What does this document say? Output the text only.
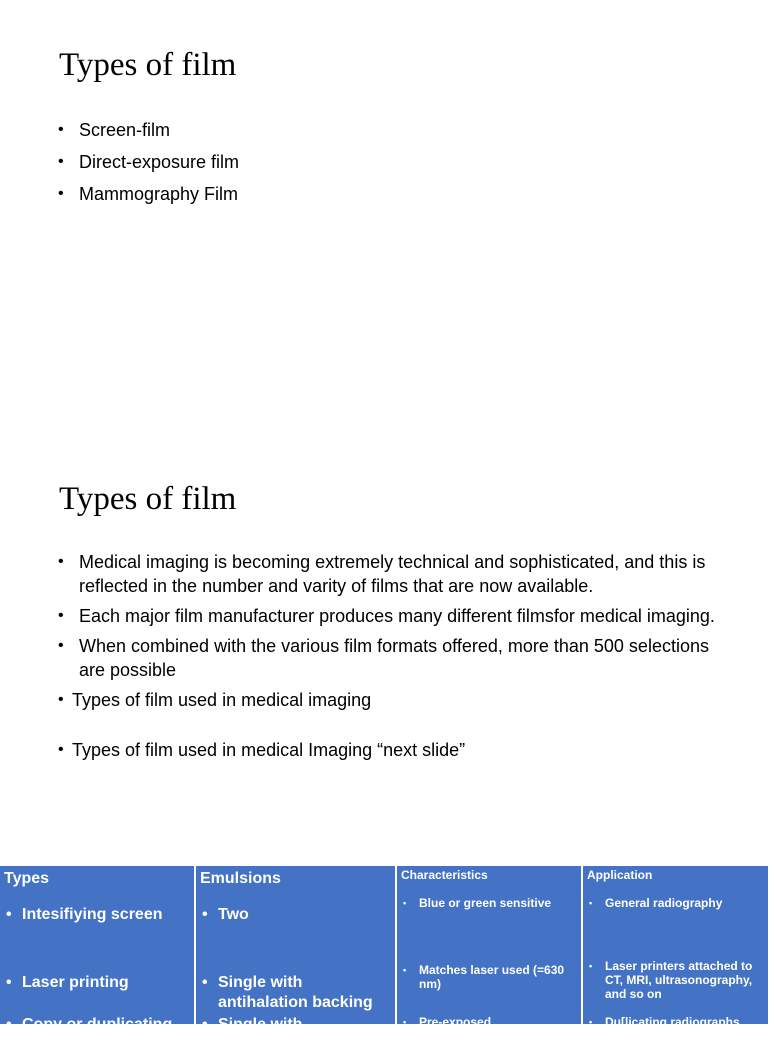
Types of film
• Screen-film
• Direct-exposure film
• Mammography Film
Types of film
• Medical imaging is becoming extremely technical and sophisticated, and this is reflected in the number and varity of films that are now available.
• Each major film manufacturer produces many different filmsfor medical imaging.
• When combined with the various film formats offered, more than 500 selections are possible
• Types of film used in medical imaging
• Types of film used in medical Imaging “next slide”
Types	Emulsions	Characteristics	Application

• Intesifiying screen	• Two	• Blue or green sensitive	• General radiography

• Laser printing	• Single with antihalation backing	• Matches laser used (=630 nm)	• Laser printers attached to CT, MRI, ultrasonography, and so on

• Copy or duplicating	• Single with	• Pre-exposed	• Du[licating radiographs
